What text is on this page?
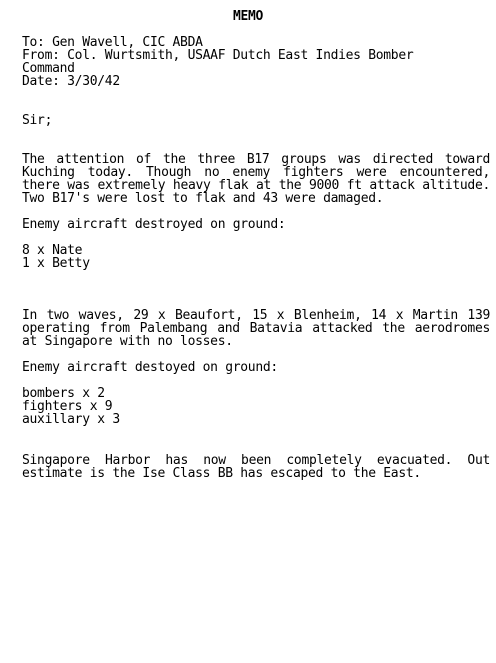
MEMO
To: Gen Wavell, CIC ABDA
From: Col. Wurtsmith, USAAF Dutch East Indies Bomber
Command
Date: 3/30/42
Sir;
The attention of the three B17 groups was directed toward Kuching today. Though no enemy fighters were encountered, there was extremely heavy flak at the 9000 ft attack altitude. Two B17's were lost to flak and 43 were damaged.
Enemy aircraft destroyed on ground:
8 x Nate
1 x Betty
In two waves, 29 x Beaufort, 15 x Blenheim, 14 x Martin 139 operating from Palembang and Batavia attacked the aerodromes at Singapore with no losses.
Enemy aircraft destoyed on ground:
bombers x 2
fighters x 9
auxillary x 3
Singapore Harbor has now been completely evacuated. Out estimate is the Ise Class BB has escaped to the East.
